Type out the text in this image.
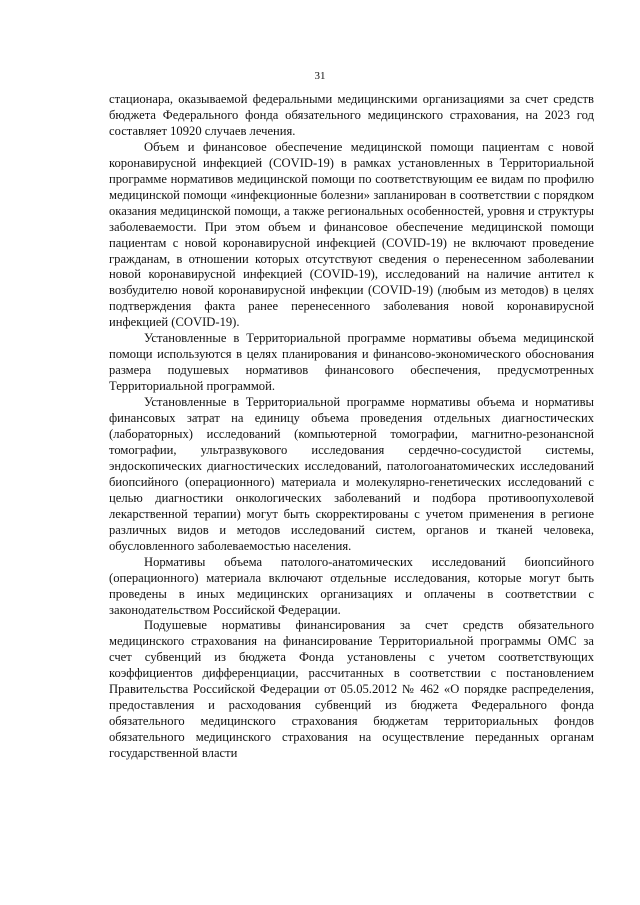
31

стационара, оказываемой федеральными медицинскими организациями за счет средств бюджета Федерального фонда обязательного медицинского страхования, на 2023 год составляет 10920 случаев лечения.

Объем и финансовое обеспечение медицинской помощи пациентам с новой коронавирусной инфекцией (COVID-19) в рамках установленных в Территориальной программе нормативов медицинской помощи по соответствующим ее видам по профилю медицинской помощи «инфекционные болезни» запланирован в соответствии с порядком оказания медицинской помощи, а также региональных особенностей, уровня и структуры заболеваемости. При этом объем и финансовое обеспечение медицинской помощи пациентам с новой коронавирусной инфекцией (COVID-19) не включают проведение гражданам, в отношении которых отсутствуют сведения о перенесенном заболевании новой коронавирусной инфекцией (COVID-19), исследований на наличие антител к возбудителю новой коронавирусной инфекции (COVID-19) (любым из методов) в целях подтверждения факта ранее перенесенного заболевания новой коронавирусной инфекцией (COVID-19).

Установленные в Территориальной программе нормативы объема медицинской помощи используются в целях планирования и финансово-экономического обоснования размера подушевых нормативов финансового обеспечения, предусмотренных Территориальной программой.

Установленные в Территориальной программе нормативы объема и нормативы финансовых затрат на единицу объема проведения отдельных диагностических (лабораторных) исследований (компьютерной томографии, магнитно-резонансной томографии, ультразвукового исследования сердечно-сосудистой системы, эндоскопических диагностических исследований, патологоанатомических исследований биопсийного (операционного) материала и молекулярно-генетических исследований с целью диагностики онкологических заболеваний и подбора противоопухолевой лекарственной терапии) могут быть скорректированы с учетом применения в регионе различных видов и методов исследований систем, органов и тканей человека, обусловленного заболеваемостью населения.

Нормативы объема патолого-анатомических исследований биопсийного (операционного) материала включают отдельные исследования, которые могут быть проведены в иных медицинских организациях и оплачены в соответствии с законодательством Российской Федерации.

Подушевые нормативы финансирования за счет средств обязательного медицинского страхования на финансирование Территориальной программы ОМС за счет субвенций из бюджета Фонда установлены с учетом соответствующих коэффициентов дифференциации, рассчитанных в соответствии с постановлением Правительства Российской Федерации от 05.05.2012 № 462 «О порядке распределения, предоставления и расходования субвенций из бюджета Федерального фонда обязательного медицинского страхования бюджетам территориальных фондов обязательного медицинского страхования на осуществление переданных органам государственной власти
